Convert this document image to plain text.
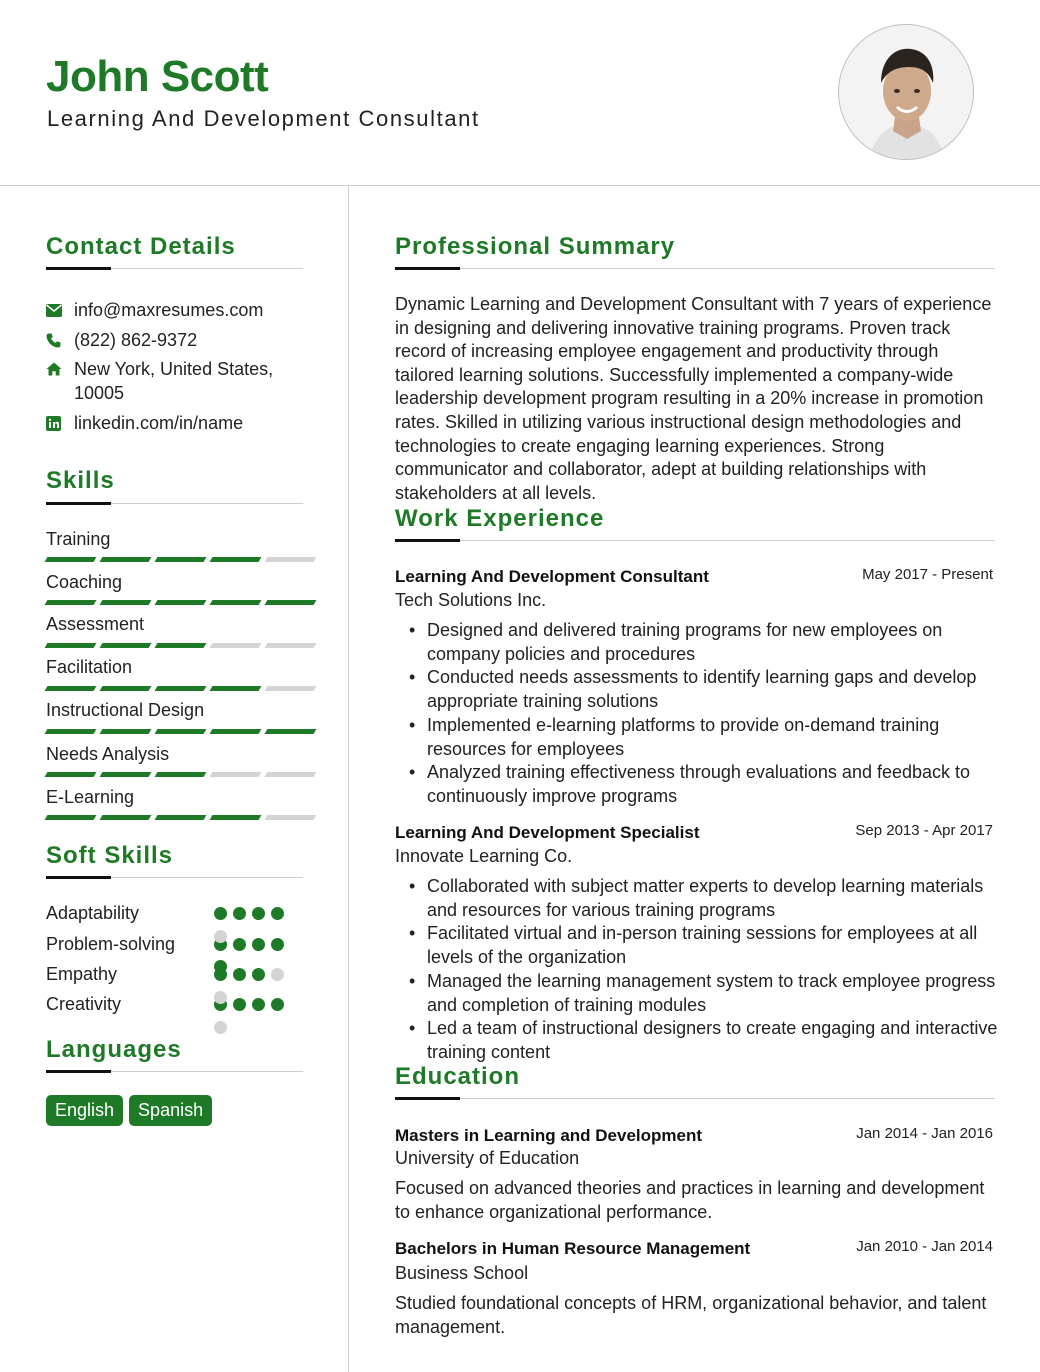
John Scott
Learning And Development Consultant
Contact Details
info@maxresumes.com
(822) 862-9372
New York, United States, 10005
linkedin.com/in/name
Skills
Training
Coaching
Assessment
Facilitation
Instructional Design
Needs Analysis
E-Learning
Soft Skills
Adaptability
Problem-solving
Empathy
Creativity
Languages
English	Spanish
Professional Summary
Dynamic Learning and Development Consultant with 7 years of experience in designing and delivering innovative training programs. Proven track record of increasing employee engagement and productivity through tailored learning solutions. Successfully implemented a company-wide leadership development program resulting in a 20% increase in promotion rates. Skilled in utilizing various instructional design methodologies and technologies to create engaging learning experiences. Strong communicator and collaborator, adept at building relationships with stakeholders at all levels.
Work Experience
Learning And Development Consultant	May 2017 - Present
Tech Solutions Inc.
• Designed and delivered training programs for new employees on company policies and procedures
• Conducted needs assessments to identify learning gaps and develop appropriate training solutions
• Implemented e-learning platforms to provide on-demand training resources for employees
• Analyzed training effectiveness through evaluations and feedback to continuously improve programs
Learning And Development Specialist	Sep 2013 - Apr 2017
Innovate Learning Co.
• Collaborated with subject matter experts to develop learning materials and resources for various training programs
• Facilitated virtual and in-person training sessions for employees at all levels of the organization
• Managed the learning management system to track employee progress and completion of training modules
• Led a team of instructional designers to create engaging and interactive training content
Education
Masters in Learning and Development	Jan 2014 - Jan 2016
University of Education
Focused on advanced theories and practices in learning and development to enhance organizational performance.
Bachelors in Human Resource Management	Jan 2010 - Jan 2014
Business School
Studied foundational concepts of HRM, organizational behavior, and talent management.
